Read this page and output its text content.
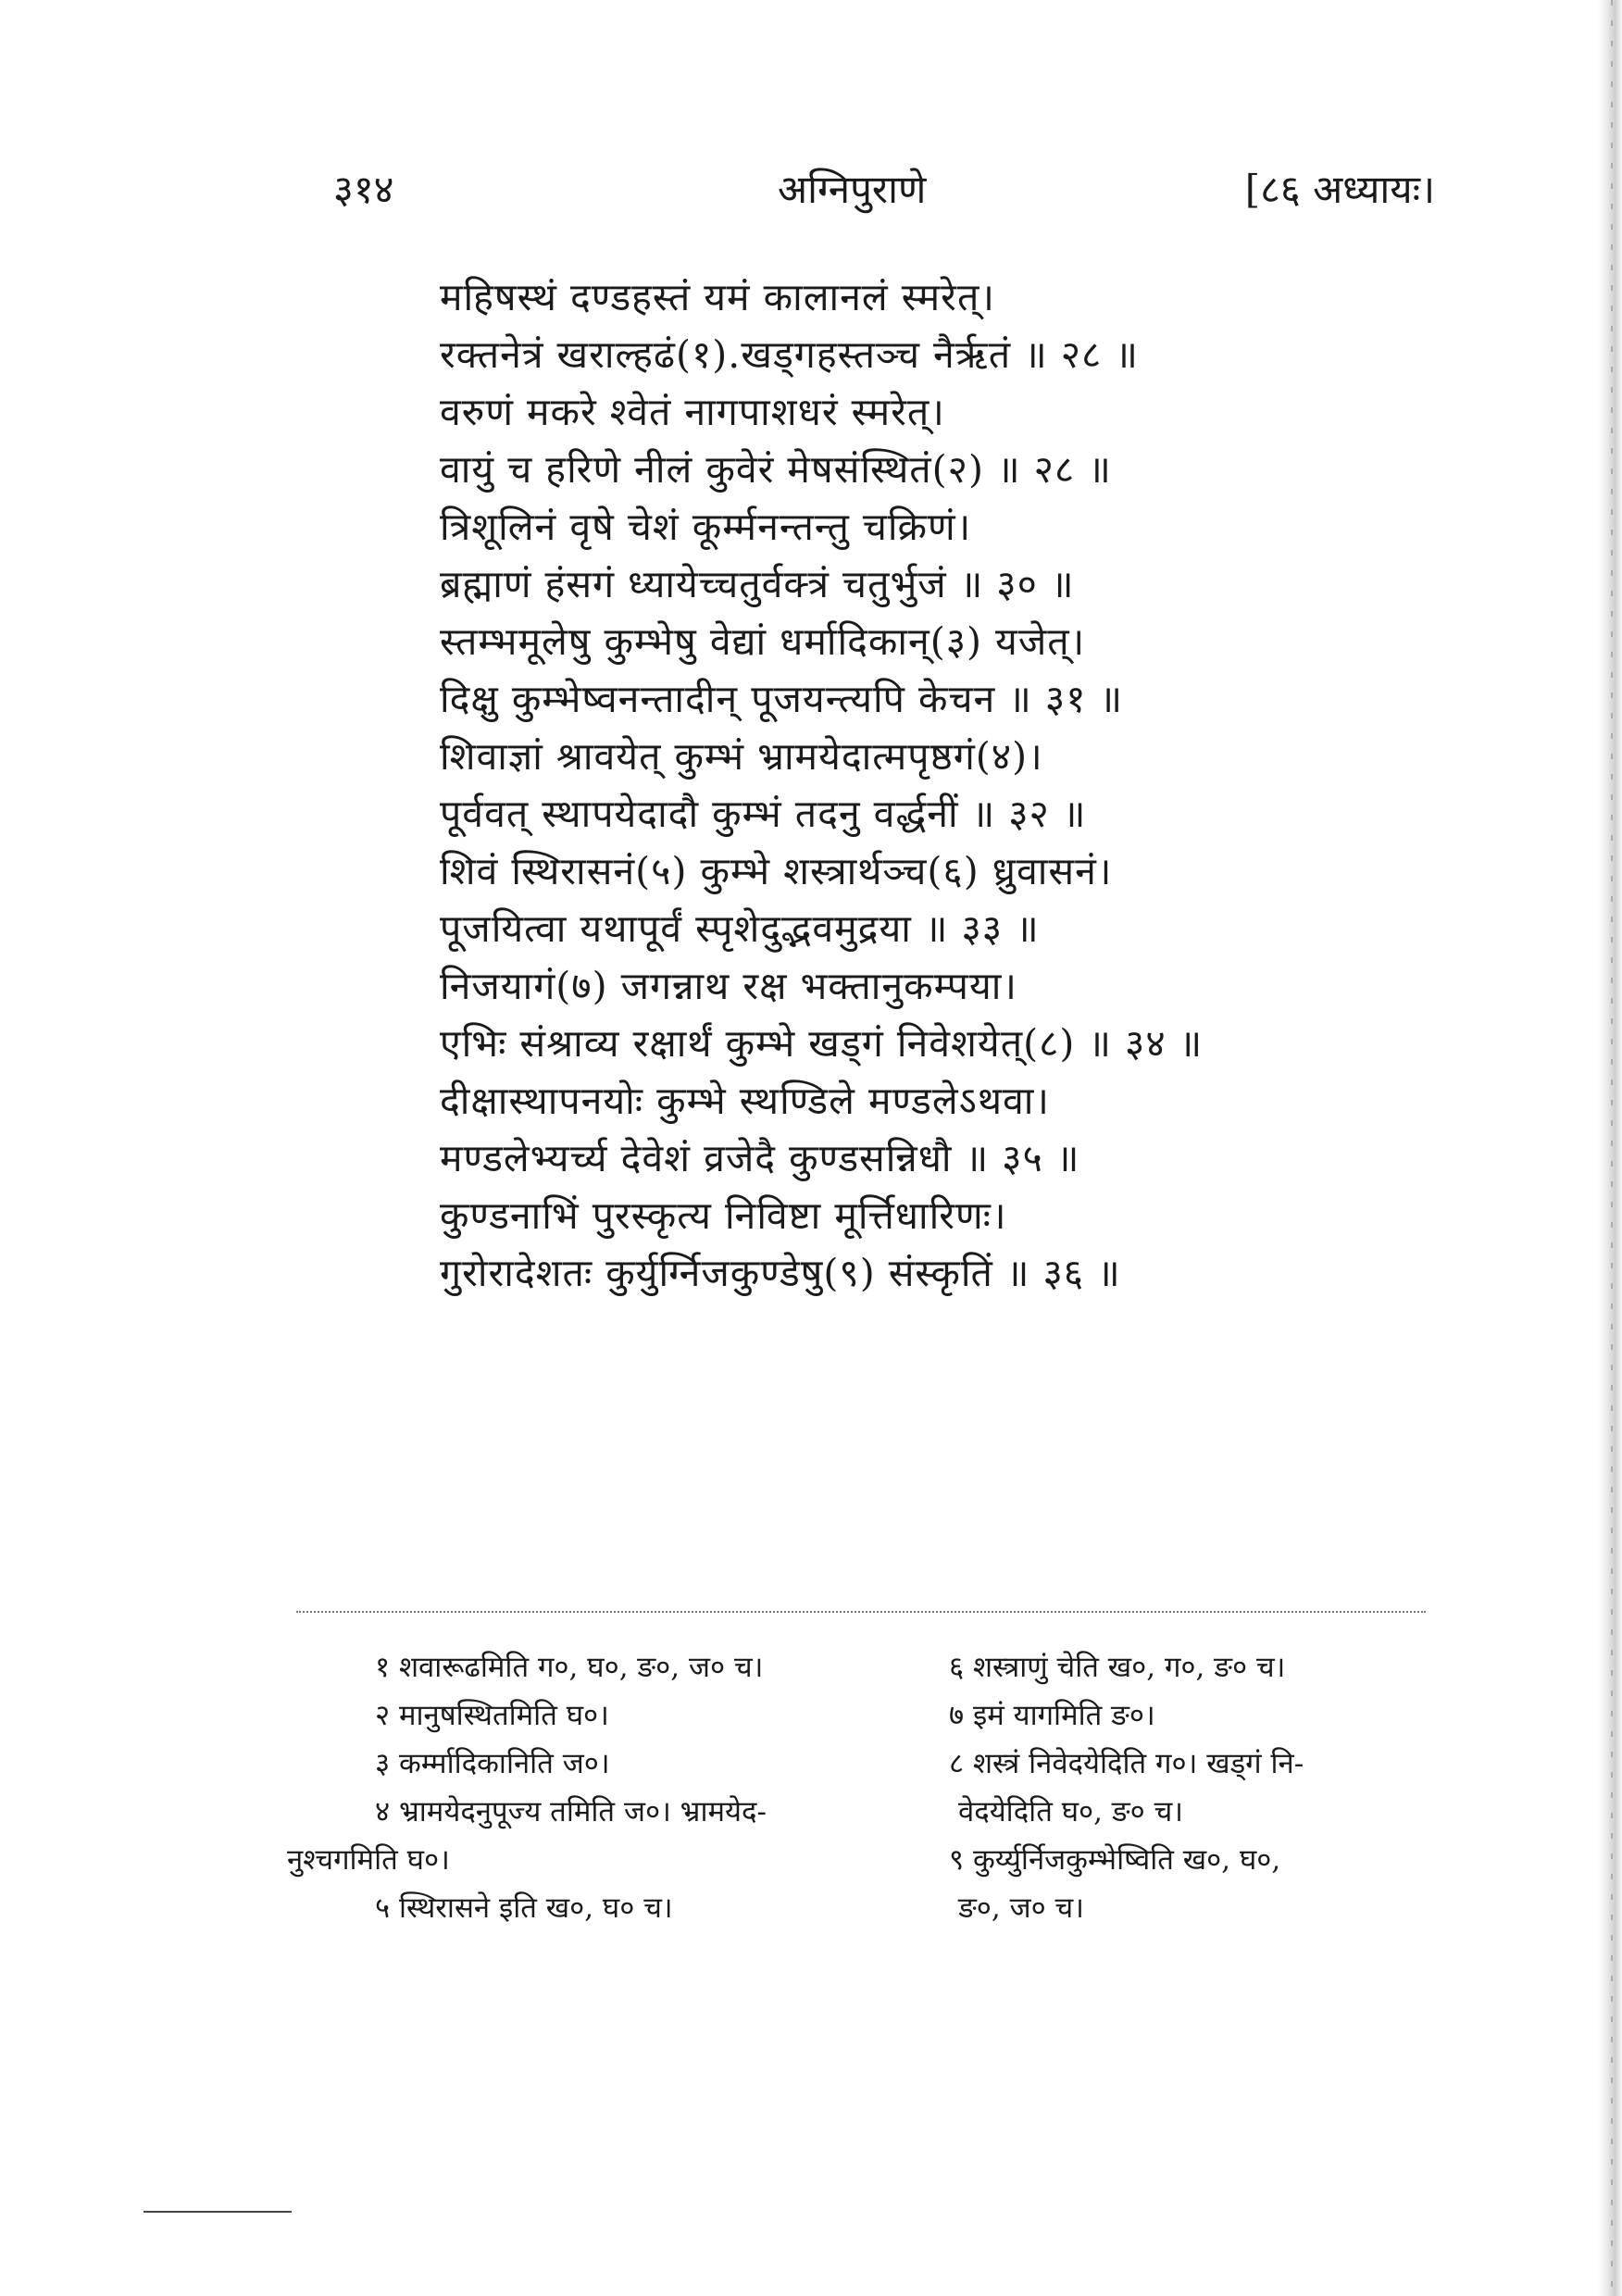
३१४	अग्निपुराणे	[८६ अध्यायः।
महिषस्थं दण्डहस्तं यमं कालानलं स्मरेत्।
रक्तनेत्रं खराल्हढं(१).खड्गहस्तञ्च नैर्ऋतं ॥ २८ ॥
वरुणं मकरे श्वेतं नागपाशधरं स्मरेत्।
वायुं च हरिणे नीलं कुवेरं मेषसंस्थितं(२) ॥ २८ ॥
त्रिशूलिनं वृषे चेशं कूर्म्मनन्तन्तु चक्रिणं।
ब्रह्माणं हंसगं ध्यायेच्चतुर्वक्त्रं चतुर्भुजं ॥ ३० ॥
स्तम्भमूलेषु कुम्भेषु वेद्यां धर्मादिकान्(३) यजेत्।
दिक्षु कुम्भेष्वनन्तादीन् पूजयन्त्यपि केचन ॥ ३१ ॥
शिवाज्ञां श्रावयेत् कुम्भं भ्रामयेदात्मपृष्ठगं(४)।
पूर्ववत् स्थापयेदादौ कुम्भं तदनु वर्द्धनीं ॥ ३२ ॥
शिवं स्थिरासनं(५) कुम्भे शस्त्रार्थञ्च(६) ध्रुवासनं।
पूजयित्वा यथापूर्वं स्पृशेदुद्भवमुद्रया ॥ ३३ ॥
निजयागं(७) जगन्नाथ रक्ष भक्तानुकम्पया।
एभिः संश्राव्य रक्षार्थं कुम्भे खड्गं निवेशयेत्(८) ॥ ३४ ॥
दीक्षास्थापनयोः कुम्भे स्थण्डिले मण्डलेऽथवा।
मण्डलेभ्यर्च्य देवेशं व्रजेदै कुण्डसन्निधौ ॥ ३५ ॥
कुण्डनाभिं पुरस्कृत्य निविष्टा मूर्त्तिधारिणः।
गुरोरादेशतः कुर्युर्ग्निजकुण्डेषु(९) संस्कृतिं ॥ ३६ ॥
१ शवारूढमिति ग०, घ०, ङ०, ज० च।
२ मानुषस्थितमिति घ०।
३ कर्म्मादिकानिति ज०।
४ भ्रामयेदनुपूज्य तमिति ज०। भ्रामयेद-
नुश्चगमिति घ०।
५ स्थिरासने इति ख०, घ० च।
६ शस्त्राणुं चेति ख०, ग०, ङ० च।
७ इमं यागमिति ङ०।
८ शस्त्रं निवेदयेदिति ग०। खड्गं नि-
वेदयेदिति घ०, ङ० च।
९ कुर्य्युर्निजकुम्भेष्विति ख०, घ०,
ङ०, ज० च।
